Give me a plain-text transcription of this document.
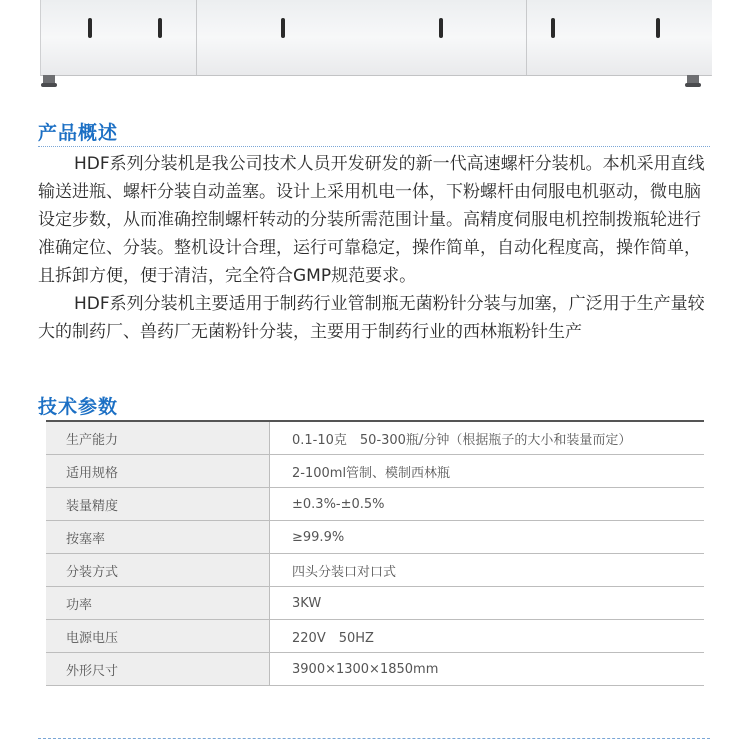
产品概述

HDF系列分装机是我公司技术人员开发研发的新一代高速螺杆分装机。本机采用直线输送进瓶、螺杆分装自动盖塞。设计上采用机电一体，下粉螺杆由伺服电机驱动，微电脑设定步数，从而准确控制螺杆转动的分装所需范围计量。高精度伺服电机控制拨瓶轮进行准确定位、分装。整机设计合理，运行可靠稳定，操作简单，自动化程度高，操作简单，且拆卸方便，便于清洁，完全符合GMP规范要求。

HDF系列分装机主要适用于制药行业管制瓶无菌粉针分装与加塞，广泛用于生产量较大的制药厂、兽药厂无菌粉针分装，主要用于制药行业的西林瓶粉针生产

技术参数
生产能力	0.1-10克　50-300瓶/分钟（根据瓶子的大小和装量而定）
适用规格	2-100ml管制、模制西林瓶
装量精度	±0.3%-±0.5%
按塞率	≥99.9%
分装方式	四头分装口对口式
功率	3KW
电源电压	220V　50HZ
外形尺寸	3900×1300×1850mm
